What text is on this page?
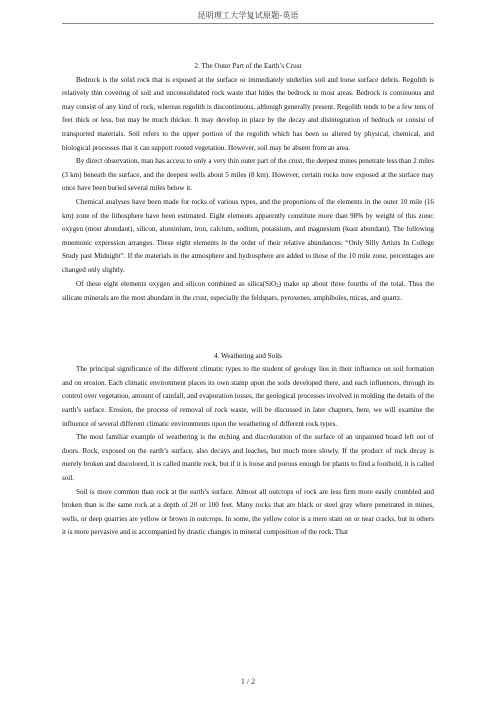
昆明理工大学复试原题-英语
2. The Outer Part of the Earth’s Crust

Bedrock is the solid rock that is exposed at the surface or immediately underlies soil and loose surface debris. Regolith is relatively thin covering of soil and unconsolidated rock waste that hides the bedrock in most areas. Bedrock is continuous and may consist of any kind of rock, whereas regolith is discontinuous, although generally present. Regolith tends to be a few tens of feet thick or less, but may be much thicker. It may develop in place by the decay and disintegration of bedrock or consist of transported materials. Soil refers to the upper portion of the regolith which has been so altered by physical, chemical, and biological processes that it can support rooted vegetation. However, soil may be absent from an area.

By direct observation, man has access to only a very thin outer part of the crust, the deepest mines penetrate less than 2 miles (3 km) beneath the surface, and the deepest wells about 5 miles (8 km). However, certain rocks now exposed at the surface may once have been buried several miles below it.

Chemical analyses have been made for rocks of various types, and the proportions of the elements in the outer 10 mile (16 km) zone of the lithosphere have been estimated. Eight elements apparently constitute more than 98% by weight of this zone: oxygen (most abundant), silicon, aluminium, iron, calcium, sodium, potassium, and magnesium (least abundant). The following mnemonic expression arranges. These eight elements in the order of their relative abundances: “Only Silly Artists In College Study past Midnight”. If the materials in the atmosphere and hydrosphere are added to those of the 10 mile zone, percentages are changed only slightly.

Of these eight elements oxygen and silicon combined as silica(SiO$_2$) make up about three fourths of the total. Thus the silicate minerals are the most abundant in the crust, especially the feldspars, pyroxenes, amphiboles, micas, and quartz.

4. Weathering and Soils

The principal significance of the different climatic types to the student of geology lies in their influence on soil formation and on erosion. Each climatic environment places its own stamp upon the soils developed there, and each influences, through its control over vegetation, amount of rainfall, and evaporation losses, the geological processes involved in molding the details of the earth’s surface. Erosion, the process of removal of rock waste, will be discussed in later chapters, here, we will examine the influence of several different climatic environments upon the weathering of different rock types.

The most familiar example of weathering is the etching and discoloration of the surface of an unpainted board left out of doors. Rock, exposed on the earth’s surface, also decays and leaches, but much more slowly. If the product of rock decay is merely broken and discolored, it is called mantle rock, but if it is loose and porous enough for plants to find a foothold, it is called soil.

Soil is more common than rock at the earth’s surface. Almost all outcrops of rock are less firm more easily crumbled and broken than is the same rock at a depth of 20 or 100 feet. Many rocks that are black or steel gray where penetrated in mines, wells, or deep quarries are yellow or brown in outcrops. In some, the yellow color is a mere stain on or near cracks, but in others it is more pervasive and is accompanied by drastic changes in mineral composition of the rock. That

1 / 2
